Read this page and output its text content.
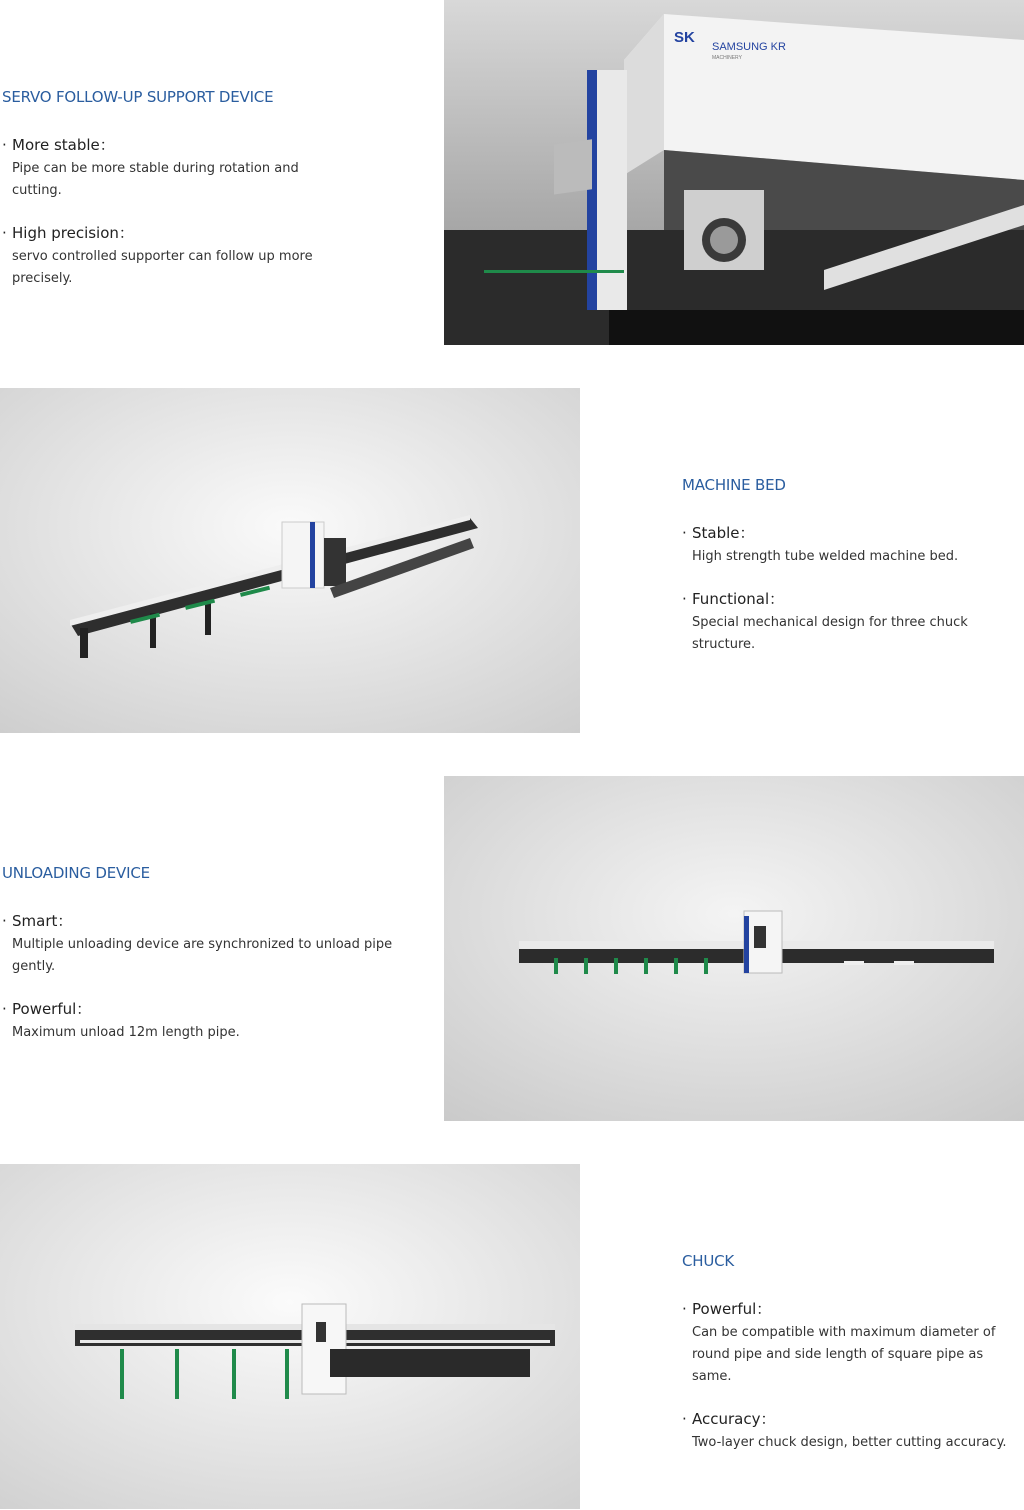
SERVO FOLLOW-UP SUPPORT DEVICE

· More stable：

Pipe can be more stable during rotation and cutting.

· High precision：

servo controlled supporter can follow up more precisely.

SK
SAMSUNG KR
MACHINERY
MACHINE BED

· Stable：

High strength tube welded machine bed.

· Functional：

Special mechanical design for three chuck structure.

UNLOADING DEVICE

· Smart：

Multiple unloading device are synchronized to unload pipe gently.

· Powerful：

Maximum unload 12m length pipe.

CHUCK

· Powerful：

Can be compatible with maximum diameter of round pipe and side length of square pipe as same.

· Accuracy：

Two-layer chuck design, better cutting accuracy.
